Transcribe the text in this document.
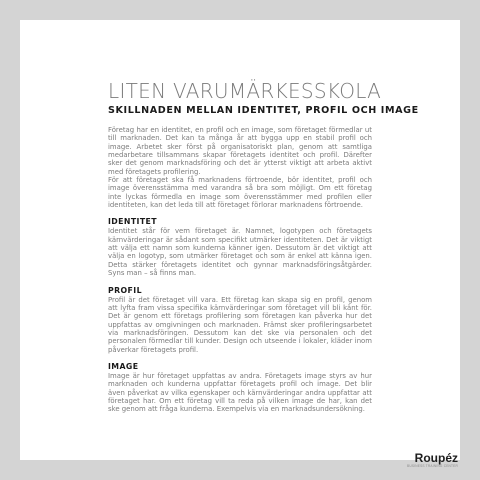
LITEN VARUMÄRKESSKOLA
SKILLNADEN MELLAN IDENTITET, PROFIL OCH IMAGE

Företag har en identitet, en profil och en image, som företaget förmedlar ut till marknaden. Det kan ta många år att bygga upp en stabil profil och image. Arbetet sker först på organisatoriskt plan, genom att samtliga medarbetare tillsammans skapar företagets identitet och profil. Därefter sker det genom marknadsföring och det är ytterst viktigt att arbeta aktivt med företagets profilering.

För att företaget ska få marknadens förtroende, bör identitet, profil och image överensstämma med varandra så bra som möjligt. Om ett företag inte lyckas förmedla en image som överensstämmer med profilen eller identiteten, kan det leda till att företaget förlorar marknadens förtroende.

IDENTITET

Identitet står för vem företaget är. Namnet, logotypen och företagets kärnvärderingar är sådant som specifikt utmärker identiteten. Det är viktigt att välja ett namn som kunderna känner igen. Dessutom är det viktigt att välja en logotyp, som utmärker företaget och som är enkel att känna igen. Detta stärker företagets identitet och gynnar marknadsföringsåtgärder. Syns man – så finns man.

PROFIL

Profil är det företaget vill vara. Ett företag kan skapa sig en profil, genom att lyfta fram vissa specifika kärnvärderingar som företaget vill bli känt för. Det är genom ett företags profilering som företagen kan påverka hur det uppfattas av omgivningen och marknaden. Främst sker profileringsarbetet via marknadsföringen. Dessutom kan det ske via personalen och det personalen förmedlar till kunder. Design och utseende i lokaler, kläder inom påverkar företagets profil.

IMAGE

Image är hur företaget uppfattas av andra. Företagets image styrs av hur marknaden och kunderna uppfattar företagets profil och image. Det blir även påverkat av vilka egenskaper och kärnvärderingar andra uppfattar att företaget har. Om ett företag vill ta reda på vilken image de har, kan det ske genom att fråga kunderna. Exempelvis via en marknadsundersökning.

Roupéz
BUSINESS TRAINING CENTER
